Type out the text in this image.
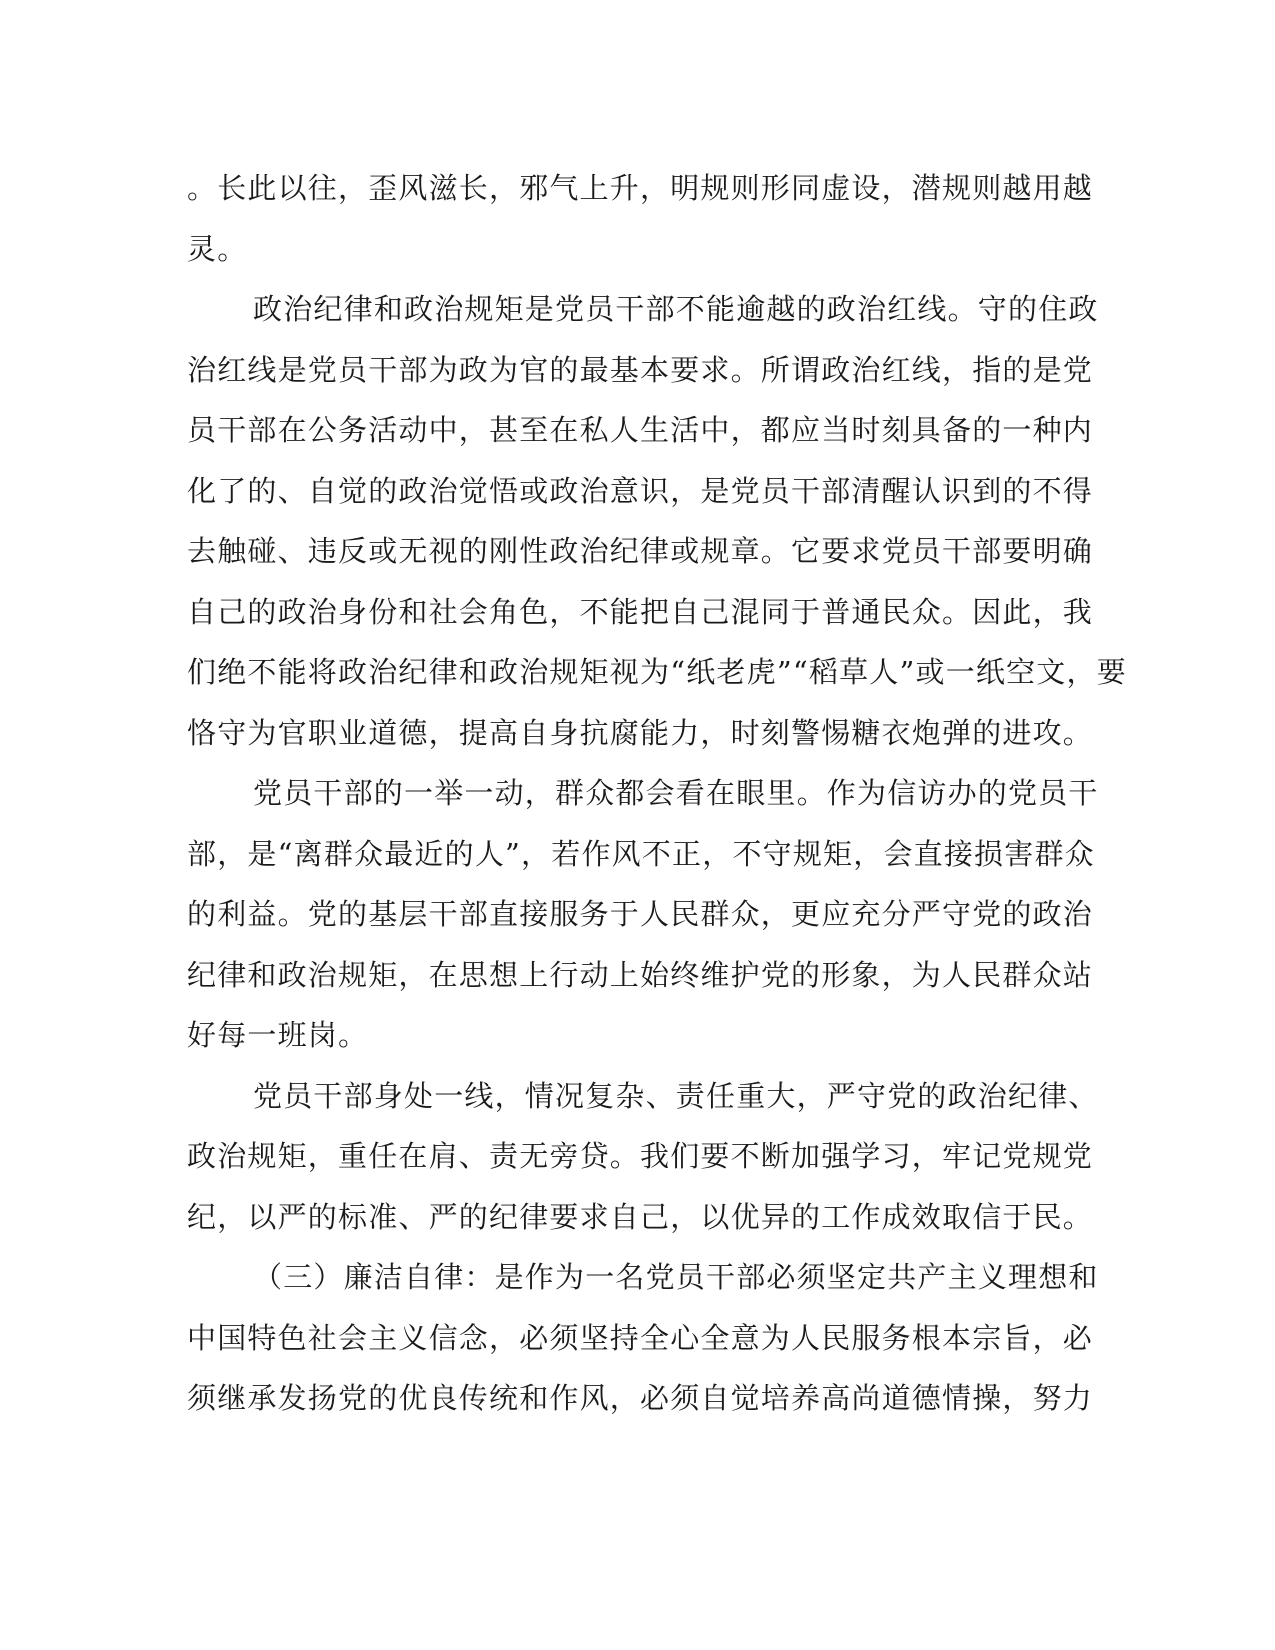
。长此以往，歪风滋长，邪气上升，明规则形同虚设，潜规则越用越
灵。
政治纪律和政治规矩是党员干部不能逾越的政治红线。守的住政
治红线是党员干部为政为官的最基本要求。所谓政治红线，指的是党
员干部在公务活动中，甚至在私人生活中，都应当时刻具备的一种内
化了的、自觉的政治觉悟或政治意识，是党员干部清醒认识到的不得
去触碰、违反或无视的刚性政治纪律或规章。它要求党员干部要明确
自己的政治身份和社会角色，不能把自己混同于普通民众。因此，我
们绝不能将政治纪律和政治规矩视为“纸老虎”“稻草人”或一纸空文，要
恪守为官职业道德，提高自身抗腐能力，时刻警惕糖衣炮弹的进攻。
党员干部的一举一动，群众都会看在眼里。作为信访办的党员干
部，是“离群众最近的人”，若作风不正，不守规矩，会直接损害群众
的利益。党的基层干部直接服务于人民群众，更应充分严守党的政治
纪律和政治规矩，在思想上行动上始终维护党的形象，为人民群众站
好每一班岗。
党员干部身处一线，情况复杂、责任重大，严守党的政治纪律、
政治规矩，重任在肩、责无旁贷。我们要不断加强学习，牢记党规党
纪，以严的标准、严的纪律要求自己，以优异的工作成效取信于民。
（三）廉洁自律：是作为一名党员干部必须坚定共产主义理想和
中国特色社会主义信念，必须坚持全心全意为人民服务根本宗旨，必
须继承发扬党的优良传统和作风，必须自觉培养高尚道德情操，努力
